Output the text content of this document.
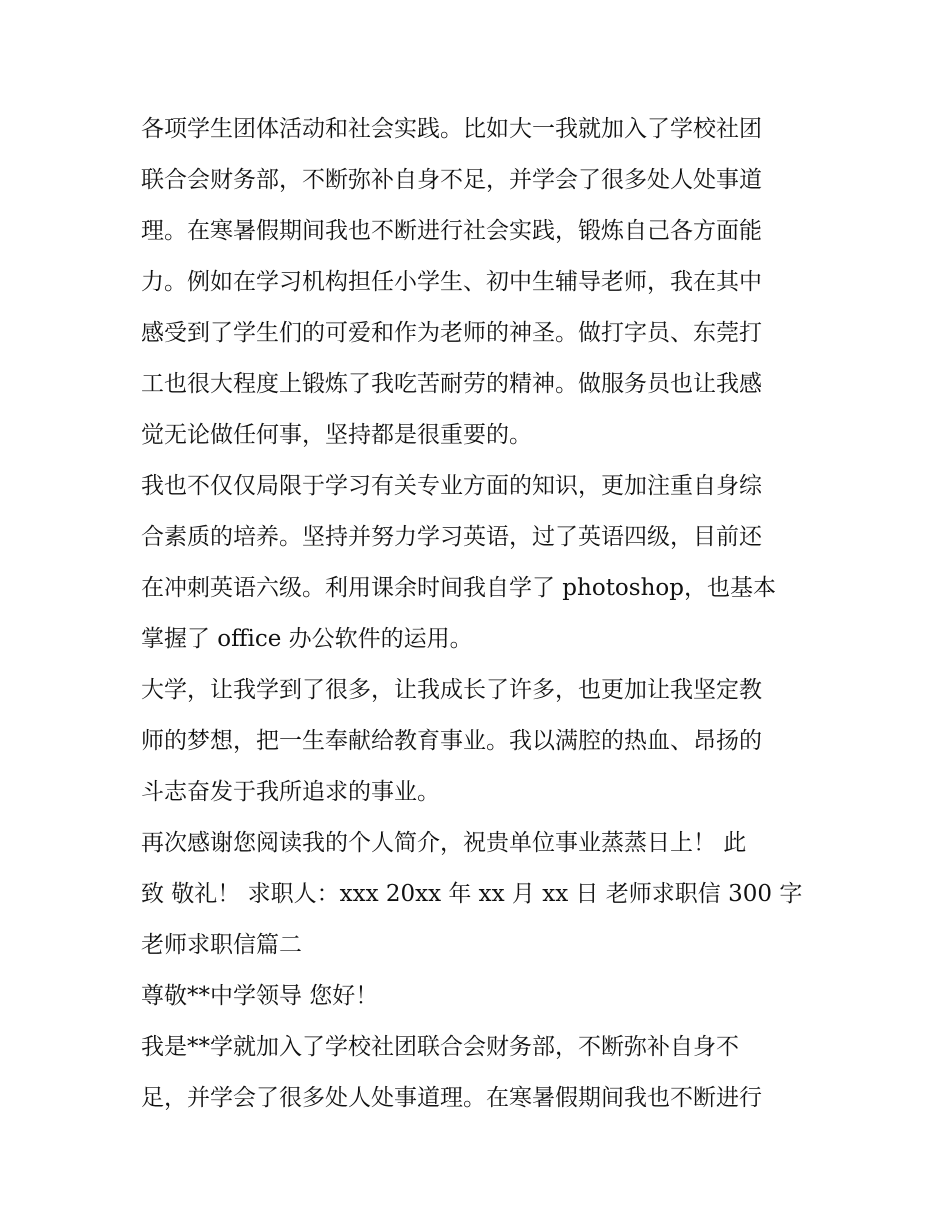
各项学生团体活动和社会实践。比如大一我就加入了学校社团
联合会财务部，不断弥补自身不足，并学会了很多处人处事道
理。在寒暑假期间我也不断进行社会实践，锻炼自己各方面能
力。例如在学习机构担任小学生、初中生辅导老师，我在其中
感受到了学生们的可爱和作为老师的神圣。做打字员、东莞打
工也很大程度上锻炼了我吃苦耐劳的精神。做服务员也让我感
觉无论做任何事，坚持都是很重要的。
我也不仅仅局限于学习有关专业方面的知识，更加注重自身综
合素质的培养。坚持并努力学习英语，过了英语四级，目前还
在冲刺英语六级。利用课余时间我自学了 photoshop，也基本
掌握了 office 办公软件的运用。
大学，让我学到了很多，让我成长了许多，也更加让我坚定教
师的梦想，把一生奉献给教育事业。我以满腔的热血、昂扬的
斗志奋发于我所追求的事业。
再次感谢您阅读我的个人简介，祝贵单位事业蒸蒸日上！ 此
致 敬礼！ 求职人：xxx 20xx 年 xx 月 xx 日 老师求职信 300 字
老师求职信篇二
尊敬**中学领导 您好！
我是**学就加入了学校社团联合会财务部，不断弥补自身不
足，并学会了很多处人处事道理。在寒暑假期间我也不断进行
